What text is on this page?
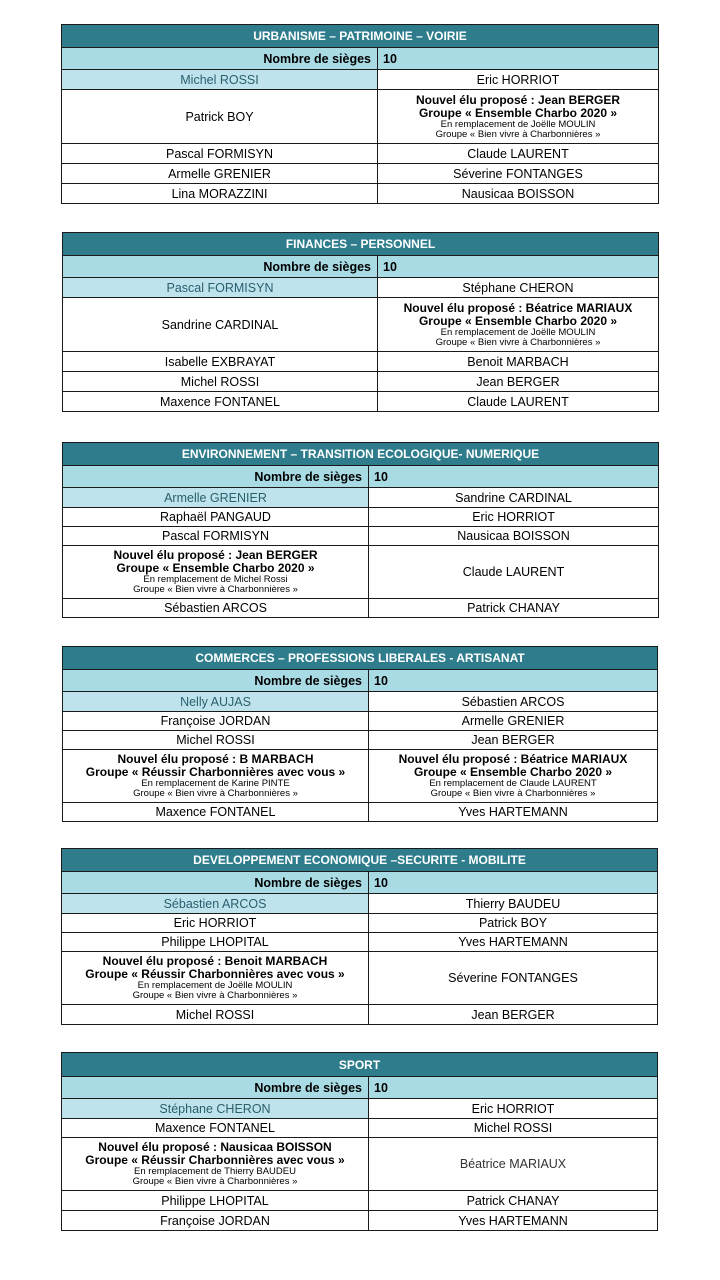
URBANISME – PATRIMOINE – VOIRIE	
Nombre de sièges	10
Michel ROSSI	Eric HORRIOT
Patrick BOY	Nouvel élu proposé : Jean BERGER
Groupe « Ensemble Charbo 2020 »
En remplacement de Joëlle MOULIN
Groupe « Bien vivre à Charbonnières »

Pascal FORMISYN	Claude LAURENT
Armelle GRENIER	Séverine FONTANGES
Lina MORAZZINI	Nausicaa BOISSON
FINANCES – PERSONNEL	
Nombre de sièges	10
Pascal FORMISYN	Stéphane CHERON
Sandrine CARDINAL	Nouvel élu proposé : Béatrice MARIAUX
Groupe « Ensemble Charbo 2020 »
En remplacement de Joëlle MOULIN
Groupe « Bien vivre à Charbonnières »

Isabelle EXBRAYAT	Benoit MARBACH
Michel ROSSI	Jean BERGER
Maxence FONTANEL	Claude LAURENT
ENVIRONNEMENT – TRANSITION ECOLOGIQUE- NUMERIQUE	
Nombre de sièges	10
Armelle GRENIER	Sandrine CARDINAL
Raphaël PANGAUD	Eric HORRIOT
Pascal FORMISYN	Nausicaa BOISSON

Nouvel élu proposé : Jean BERGER
Groupe « Ensemble Charbo 2020 »
En remplacement de Michel Rossi
Groupe « Bien vivre à Charbonnières »	Claude LAURENT
Sébastien ARCOS	Patrick CHANAY
COMMERCES – PROFESSIONS LIBERALES - ARTISANAT	
Nombre de sièges	10
Nelly AUJAS	Sébastien ARCOS
Françoise JORDAN	Armelle GRENIER
Michel ROSSI	Jean BERGER

Nouvel élu proposé : B MARBACH
Groupe « Réussir Charbonnières avec vous »
En remplacement de Karine PINTE
Groupe « Bien vivre à Charbonnières »	Nouvel élu proposé : Béatrice MARIAUX
Groupe « Ensemble Charbo 2020 »
En remplacement de Claude LAURENT
Groupe « Bien vivre à Charbonnières »

Maxence FONTANEL	Yves HARTEMANN
DEVELOPPEMENT ECONOMIQUE –SECURITE - MOBILITE	
Nombre de sièges	10
Sébastien ARCOS	Thierry BAUDEU
Eric HORRIOT	Patrick BOY
Philippe LHOPITAL	Yves HARTEMANN

Nouvel élu proposé : Benoit MARBACH
Groupe « Réussir Charbonnières avec vous »
En remplacement de Joëlle MOULIN
Groupe « Bien vivre à Charbonnières »	Séverine FONTANGES
Michel ROSSI	Jean BERGER
SPORT	
Nombre de sièges	10
Stéphane CHERON	Eric HORRIOT
Maxence FONTANEL	Michel ROSSI

Nouvel élu proposé : Nausicaa BOISSON
Groupe « Réussir Charbonnières avec vous »
En remplacement de Thierry BAUDEU
Groupe « Bien vivre à Charbonnières »	Béatrice MARIAUX
Philippe LHOPITAL	Patrick CHANAY
Françoise JORDAN	Yves HARTEMANN
